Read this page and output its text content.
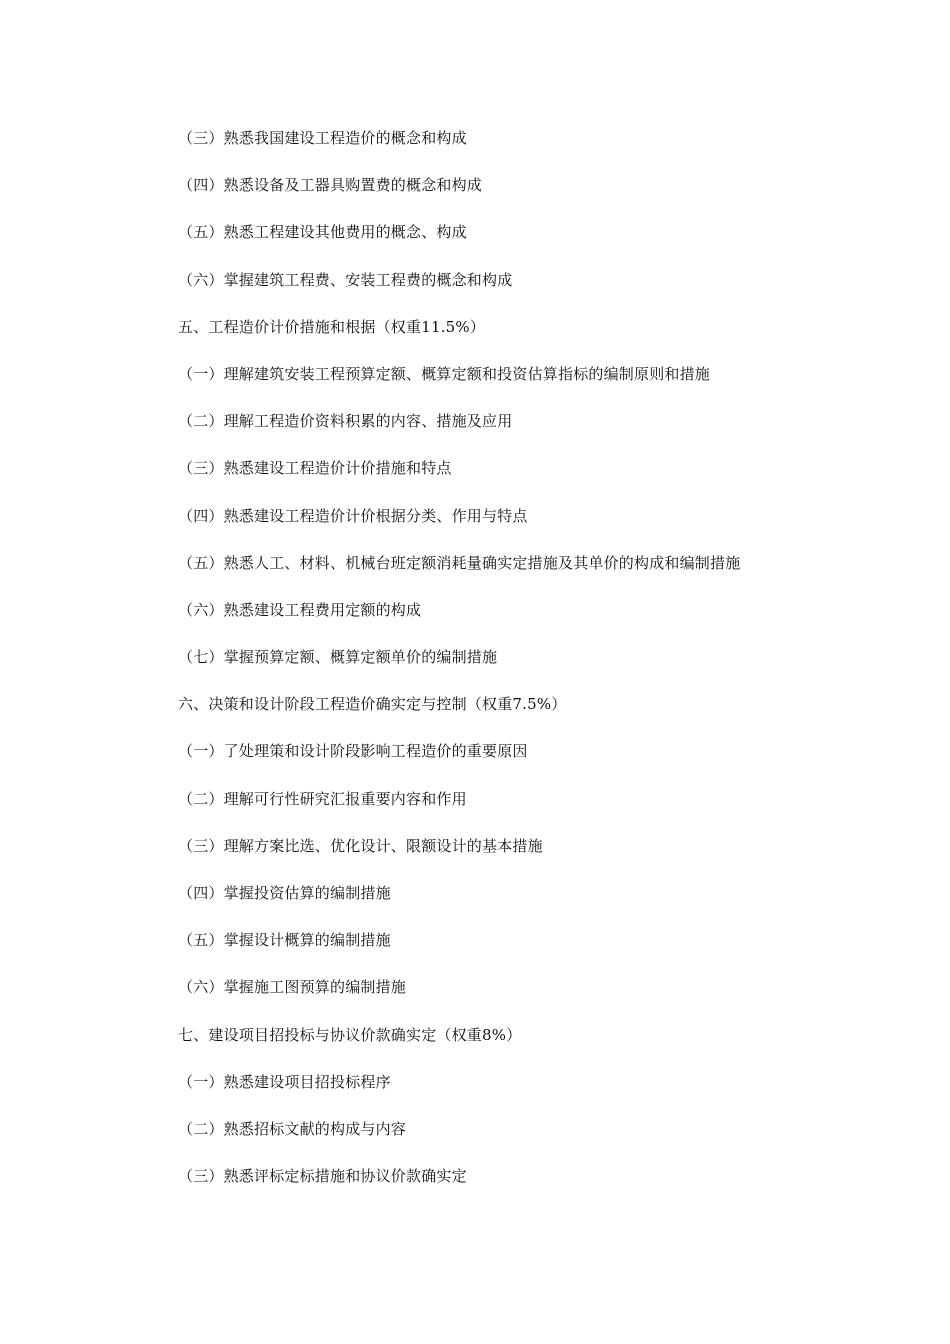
（三）熟悉我国建设工程造价的概念和构成
（四）熟悉设备及工器具购置费的概念和构成
（五）熟悉工程建设其他费用的概念、构成
（六）掌握建筑工程费、安装工程费的概念和构成
五、工程造价计价措施和根据（权重11.5%）
（一）理解建筑安装工程预算定额、概算定额和投资估算指标的编制原则和措施
（二）理解工程造价资料积累的内容、措施及应用
（三）熟悉建设工程造价计价措施和特点
（四）熟悉建设工程造价计价根据分类、作用与特点
（五）熟悉人工、材料、机械台班定额消耗量确实定措施及其单价的构成和编制措施
（六）熟悉建设工程费用定额的构成
（七）掌握预算定额、概算定额单价的编制措施
六、决策和设计阶段工程造价确实定与控制（权重7.5%）
（一）了处理策和设计阶段影响工程造价的重要原因
（二）理解可行性研究汇报重要内容和作用
（三）理解方案比选、优化设计、限额设计的基本措施
（四）掌握投资估算的编制措施
（五）掌握设计概算的编制措施
（六）掌握施工图预算的编制措施
七、建设项目招投标与协议价款确实定（权重8%）
（一）熟悉建设项目招投标程序
（二）熟悉招标文献的构成与内容
（三）熟悉评标定标措施和协议价款确实定
